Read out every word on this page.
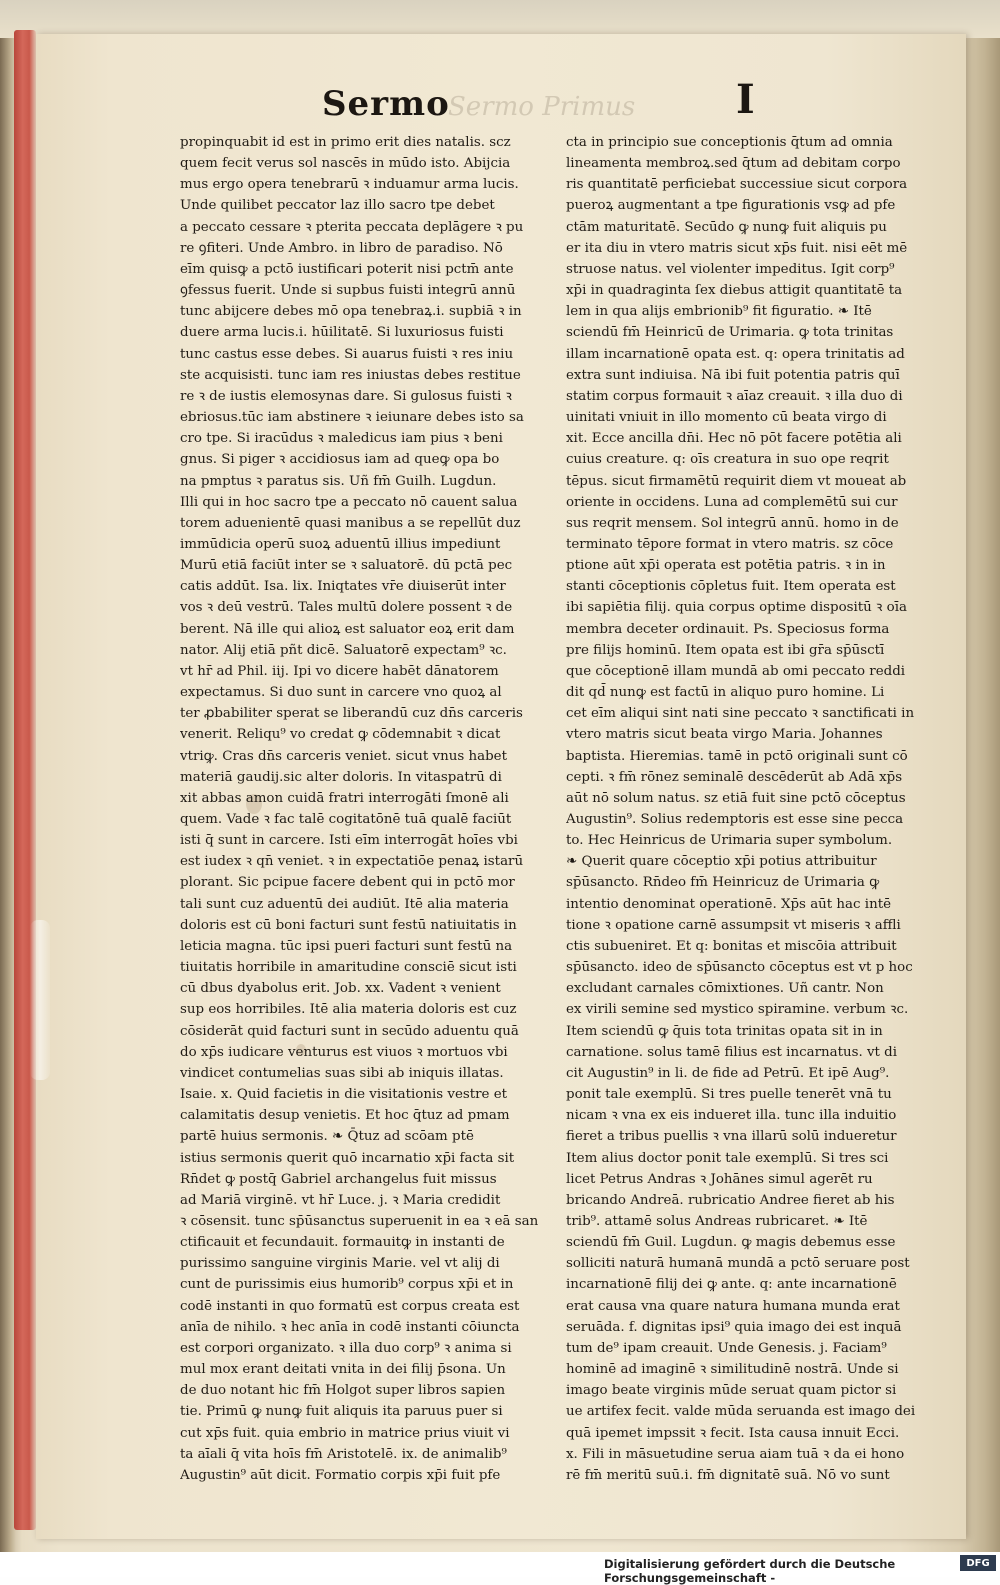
Sermo
Sermo Primus	I
propinquabit id est in primo erit dies natalis. scz
quem fecit verus sol nascēs in mūdo isto. Abijcia
mus ergo opera tenebrarū ꝛ induamur arma lucis.
Unde quilibet peccator laz illo sacro tpe debet
a peccato cessare ꝛ pterita peccata deplāgere ꝛ pu
re ꝯfiteri. Unde Ambro. in libro de paradiso. Nō
eīm quisꝙ a pctō iustificari poterit nisi pctm̄ ante
ꝯfessus fuerit. Unde si supbus fuisti integrū annū
tunc abijcere debes mō opa tenebraꝝ.i. supbiā ꝛ in
duere arma lucis.i. hūilitatē. Si luxuriosus fuisti
tunc castus esse debes. Si auarus fuisti ꝛ res iniu
ste acquisisti. tunc iam res iniustas debes restitue
re ꝛ de iustis elemosynas dare. Si gulosus fuisti ꝛ
ebriosus.tūc iam abstinere ꝛ ieiunare debes isto sa
cro tpe. Si iracūdus ꝛ maledicus iam pius ꝛ beni
gnus. Si piger ꝛ accidiosus iam ad queꝙ opa bo
na pmptus ꝛ paratus sis. Uñ fm̄ Guilh. Lugdun.
Illi qui in hoc sacro tpe a peccato nō cauent salua
torem aduenientē quasi manibus a se repellūt duz
immūdicia operū suoꝝ aduentū illius impediunt
Murū etiā faciūt inter se ꝛ saluatorē. dū pctā pec
catis addūt. Isa. lix. Iniqtates vr̄e diuiserūt inter
vos ꝛ deū vestrū. Tales multū dolere possent ꝛ de
berent. Nā ille qui alioꝝ est saluator eoꝝ erit dam
nator. Alij etiā pñt dicē. Saluatorē expectam⁹ ꝛc.
vt hr̄ ad Phil. iij. Ipi vo dicere habēt dānatorem
expectamus. Si duo sunt in carcere vno quoꝝ al
ter ꝓbabiliter sperat se liberandū cuz dn̄s carceris
venerit. Reliqu⁹ vo credat ꝙ cōdemnabit ꝛ dicat
vtriꝙ. Cras dn̄s carceris veniet. sicut vnus habet
materiā gaudij.sic alter doloris. In vitaspatrū di
xit abbas amon cuidā fratri interrogāti ſmonē ali
quem. Vade ꝛ fac talē cogitatōnē tuā qualē faciūt
isti q̄ sunt in carcere. Isti eīm interrogāt hoīes vbi
est iudex ꝛ qn̄ veniet. ꝛ in expectatiōe penaꝝ istarū
plorant. Sic pcipue facere debent qui in pctō mor
tali sunt cuz aduentū dei audiūt. Itē alia materia
doloris est cū boni facturi sunt festū natiuitatis in
leticia magna. tūc ipsi pueri facturi sunt festū na
tiuitatis horribile in amaritudine consciē sicut isti
cū dbus dyabolus erit. Job. xx. Vadent ꝛ venient
sup eos horribiles. Itē alia materia doloris est cuz
cōsiderāt quid facturi sunt in secūdo aduentu quā
do xp̄s iudicare venturus est viuos ꝛ mortuos vbi
vindicet contumelias suas sibi ab iniquis illatas.
Isaie. x. Quid facietis in die visitationis vestre et
calamitatis desup venietis. Et hoc q̄tuz ad pmam
partē huius sermonis. ❧ Q̄tuz ad scōam ptē
istius sermonis querit quō incarnatio xp̄i facta sit
Rn̄det ꝙ postq̄ Gabriel archangelus fuit missus
ad Mariā virginē. vt hr̄ Luce. j. ꝛ Maria credidit
ꝛ cōsensit. tunc sp̄ūsanctus superuenit in ea ꝛ eā san
ctificauit et fecundauit. formauitꝙ in instanti de
purissimo sanguine virginis Marie. vel vt alij di
cunt de purissimis eius humorib⁹ corpus xp̄i et in
codē instanti in quo formatū est corpus creata est
anīa de nihilo. ꝛ hec anīa in codē instanti cōiuncta
est corpori organizato. ꝛ illa duo corp⁹ ꝛ anima si
mul mox erant deitati vnita in dei filij p̄sona. Un
de duo notant hic fm̄ Holgot super libros sapien
tie. Primū ꝙ nunꝙ fuit aliquis ita paruus puer si
cut xp̄s fuit. quia embrio in matrice prius viuit vi
ta aīali q̄ vita hoīs fm̄ Aristotelē. ix. de animalib⁹
Augustin⁹ aūt dicit. Formatio corpis xp̄i fuit pfe
cta in principio sue conceptionis q̄tum ad omnia
lineamenta membroꝝ.sed q̄tum ad debitam corpo
ris quantitatē perficiebat successiue sicut corpora
pueroꝝ augmentant a tpe figurationis vsꝙ ad pfe
ctām maturitatē. Secūdo ꝙ nunꝙ fuit aliquis pu
er ita diu in vtero matris sicut xp̄s fuit. nisi eēt mē
struose natus. vel violenter impeditus. Igit corp⁹
xp̄i in quadraginta ſex diebus attigit quantitatē ta
lem in qua alijs embrionib⁹ fit figuratio. ❧ Itē
sciendū fm̄ Heinricū de Urimaria. ꝙ tota trinitas
illam incarnationē opata est. q: opera trinitatis ad
extra sunt indiuisa. Nā ibi fuit potentia patris quī
statim corpus formauit ꝛ aīaz creauit. ꝛ illa duo di
uinitati vniuit in illo momento cū beata virgo di
xit. Ecce ancilla dn̄i. Hec nō pōt facere potētia ali
cuius creature. q: oīs creatura in suo ope reqrit
tēpus. sicut firmamētū requirit diem vt moueat ab
oriente in occidens. Luna ad complemētū sui cur
sus reqrit mensem. Sol integrū annū. homo in de
terminato tēpore format in vtero matris. sz cōce
ptione aūt xp̄i operata est potētia patris. ꝛ in in
stanti cōceptionis cōpletus fuit. Item operata est
ibi sapiētia filij. quia corpus optime dispositū ꝛ oīa
membra deceter ordinauit. Ps. Speciosus forma
pre filijs hominū. Item opata est ibi gr̄a sp̄ūsctī
que cōceptionē illam mundā ab omi peccato reddi
dit qd̄ nunꝙ est factū in aliquo puro homine. Li
cet eīm aliqui sint nati sine peccato ꝛ sanctificati in
vtero matris sicut beata virgo Maria. Johannes
baptista. Hieremias. tamē in pctō originali sunt cō
cepti. ꝛ fm̄ rōnez seminalē descēderūt ab Adā xp̄s
aūt nō solum natus. sz etiā fuit sine pctō cōceptus
Augustin⁹. Solius redemptoris est esse sine pecca
to. Hec Heinricus de Urimaria super symbolum.
❧ Querit quare cōceptio xp̄i potius attribuitur
sp̄ūsancto. Rn̄deo fm̄ Heinricuz de Urimaria ꝙ
intentio denominat operationē. Xp̄s aūt hac intē
tione ꝛ opatione carnē assumpsit vt miseris ꝛ affli
ctis subueniret. Et q: bonitas et miscōia attribuit
sp̄ūsancto. ideo de sp̄ūsancto cōceptus est vt p hoc
excludant carnales cōmixtiones. Uñ cantr. Non
ex virili semine sed mystico spiramine. verbum ꝛc.
Item sciendū ꝙ q̄uis tota trinitas opata sit in in
carnatione. solus tamē filius est incarnatus. vt di
cit Augustin⁹ in li. de fide ad Petrū. Et ipē Aug⁹.
ponit tale exemplū. Si tres puelle tenerēt vnā tu
nicam ꝛ vna ex eis indueret illa. tunc illa induitio
fieret a tribus puellis ꝛ vna illarū solū indueretur
Item alius doctor ponit tale exemplū. Si tres sci
licet Petrus Andras ꝛ Johānes simul agerēt ru
bricando Andreā. rubricatio Andree fieret ab his
trib⁹. attamē solus Andreas rubricaret. ❧ Itē
sciendū fm̄ Guil. Lugdun. ꝙ magis debemus esse
solliciti naturā humanā mundā a pctō seruare post
incarnationē filij dei ꝙ ante. q: ante incarnationē
erat causa vna quare natura humana munda erat
seruāda. f. dignitas ipsi⁹ quia imago dei est inquā
tum de⁹ ipam creauit. Unde Genesis. j. Faciam⁹
hominē ad imaginē ꝛ similitudinē nostrā. Unde si
imago beate virginis mūde seruat quam pictor si
ue artifex fecit. valde mūda seruanda est imago dei
quā ipemet impssit ꝛ fecit. Ista causa innuit Ecci.
x. Fili in māsuetudine serua aiam tuā ꝛ da ei hono
rē fm̄ meritū suū.i. fm̄ dignitatē suā. Nō vo sunt
Digitalisierung gefördert durch die Deutsche Forschungsgemeinschaft -
DFG
